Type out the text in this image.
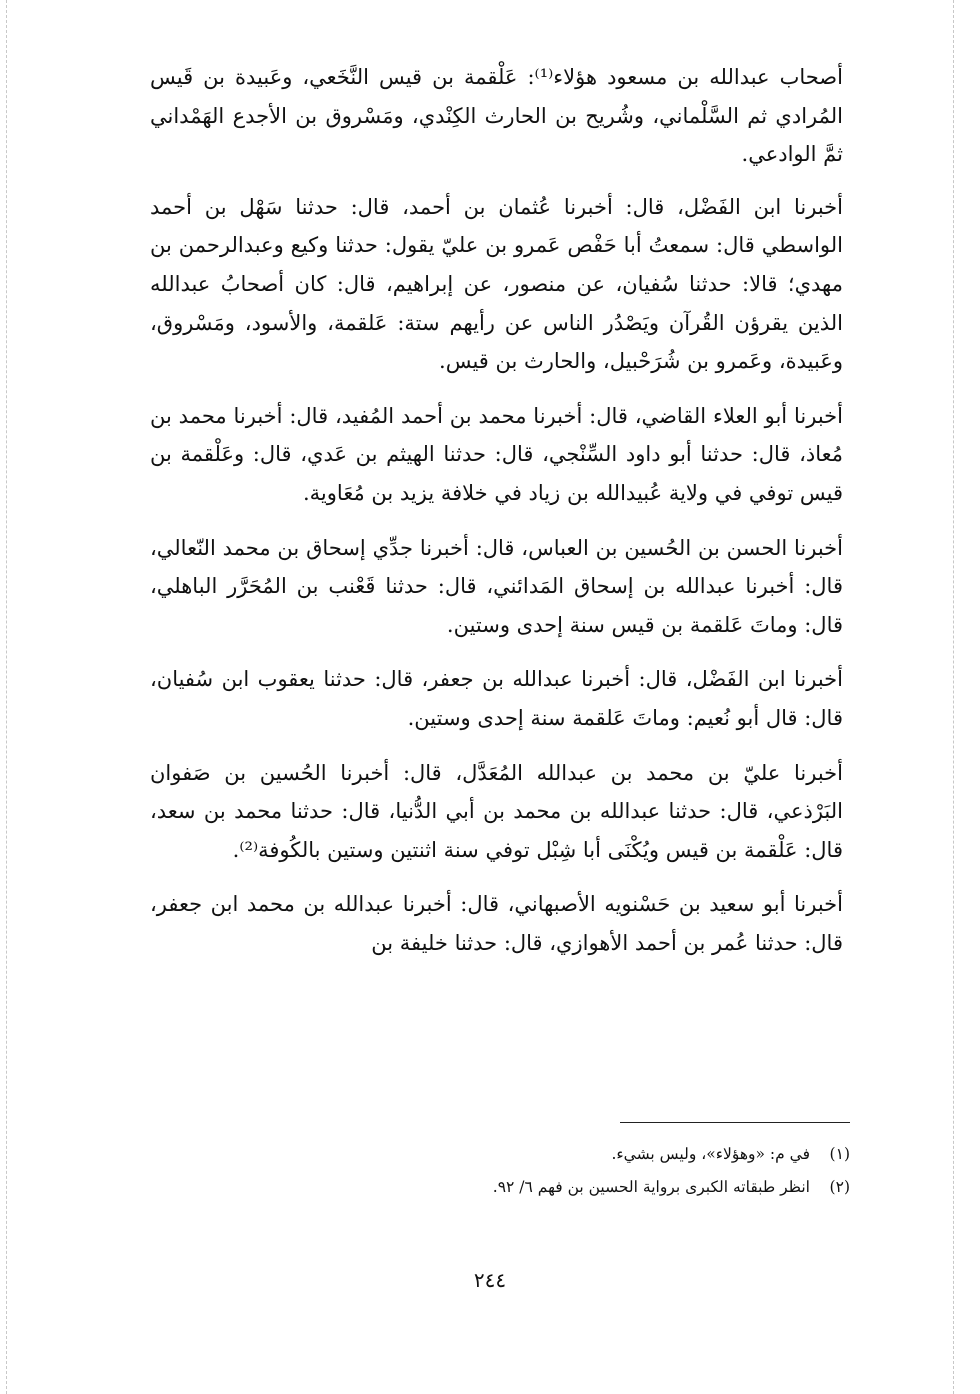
أصحاب عبدالله بن مسعود هؤلاء⁽¹⁾: عَلْقمة بن قيس النَّخَعي، وعَبيدة بن قَيس المُرادي ثم السَّلْماني، وشُريح بن الحارث الكِنْدي، ومَسْروق بن الأجدع الهَمْداني ثمَّ الوادعي.

أخبرنا ابن الفَضْل، قال: أخبرنا عُثمان بن أحمد، قال: حدثنا سَهْل بن أحمد الواسطي قال: سمعتُ أبا حَفْص عَمرو بن عليّ يقول: حدثنا وكيع وعبدالرحمن بن مهدي؛ قالا: حدثنا سُفيان، عن منصور، عن إبراهيم، قال: كان أصحابُ عبدالله الذين يقرؤن القُرآن ويَصْدُر الناس عن رأيهم ستة: عَلقمة، والأسود، ومَسْروق، وعَبيدة، وعَمرو بن شُرَحْبيل، والحارث بن قيس.

أخبرنا أبو العلاء القاضي، قال: أخبرنا محمد بن أحمد المُفيد، قال: أخبرنا محمد بن مُعاذ، قال: حدثنا أبو داود السِّنْجي، قال: حدثنا الهيثم بن عَدي، قال: وعَلْقمة بن قيس توفي في ولاية عُبيدالله بن زياد في خلافة يزيد بن مُعَاوية.

أخبرنا الحسن بن الحُسين بن العباس، قال: أخبرنا جدِّي إسحاق بن محمد النّعالي، قال: أخبرنا عبدالله بن إسحاق المَدائني، قال: حدثنا قَعْنب بن المُحَرَّر الباهلي، قال: وماتَ عَلقمة بن قيس سنة إحدى وستين.

أخبرنا ابن الفَضْل، قال: أخبرنا عبدالله بن جعفر، قال: حدثنا يعقوب ابن سُفيان، قال: قال أبو نُعيم: وماتَ عَلقمة سنة إحدى وستين.

أخبرنا عليّ بن محمد بن عبدالله المُعَدَّل، قال: أخبرنا الحُسين بن صَفوان البَرْذعي، قال: حدثنا عبدالله بن محمد بن أبي الدُّنيا، قال: حدثنا محمد بن سعد، قال: عَلْقمة بن قيس ويُكْنَى أبا شِبْل توفي سنة اثنتين وستين بالكُوفة⁽²⁾.

أخبرنا أبو سعيد بن حَسْنويه الأصبهاني، قال: أخبرنا عبدالله بن محمد ابن جعفر، قال: حدثنا عُمر بن أحمد الأهوازي، قال: حدثنا خليفة بن

(١)
في م: «وهؤلاء»، وليس بشيء.
(٢)
انظر طبقاته الكبرى برواية الحسين بن فهم ٦/ ٩٢.
٢٤٤
